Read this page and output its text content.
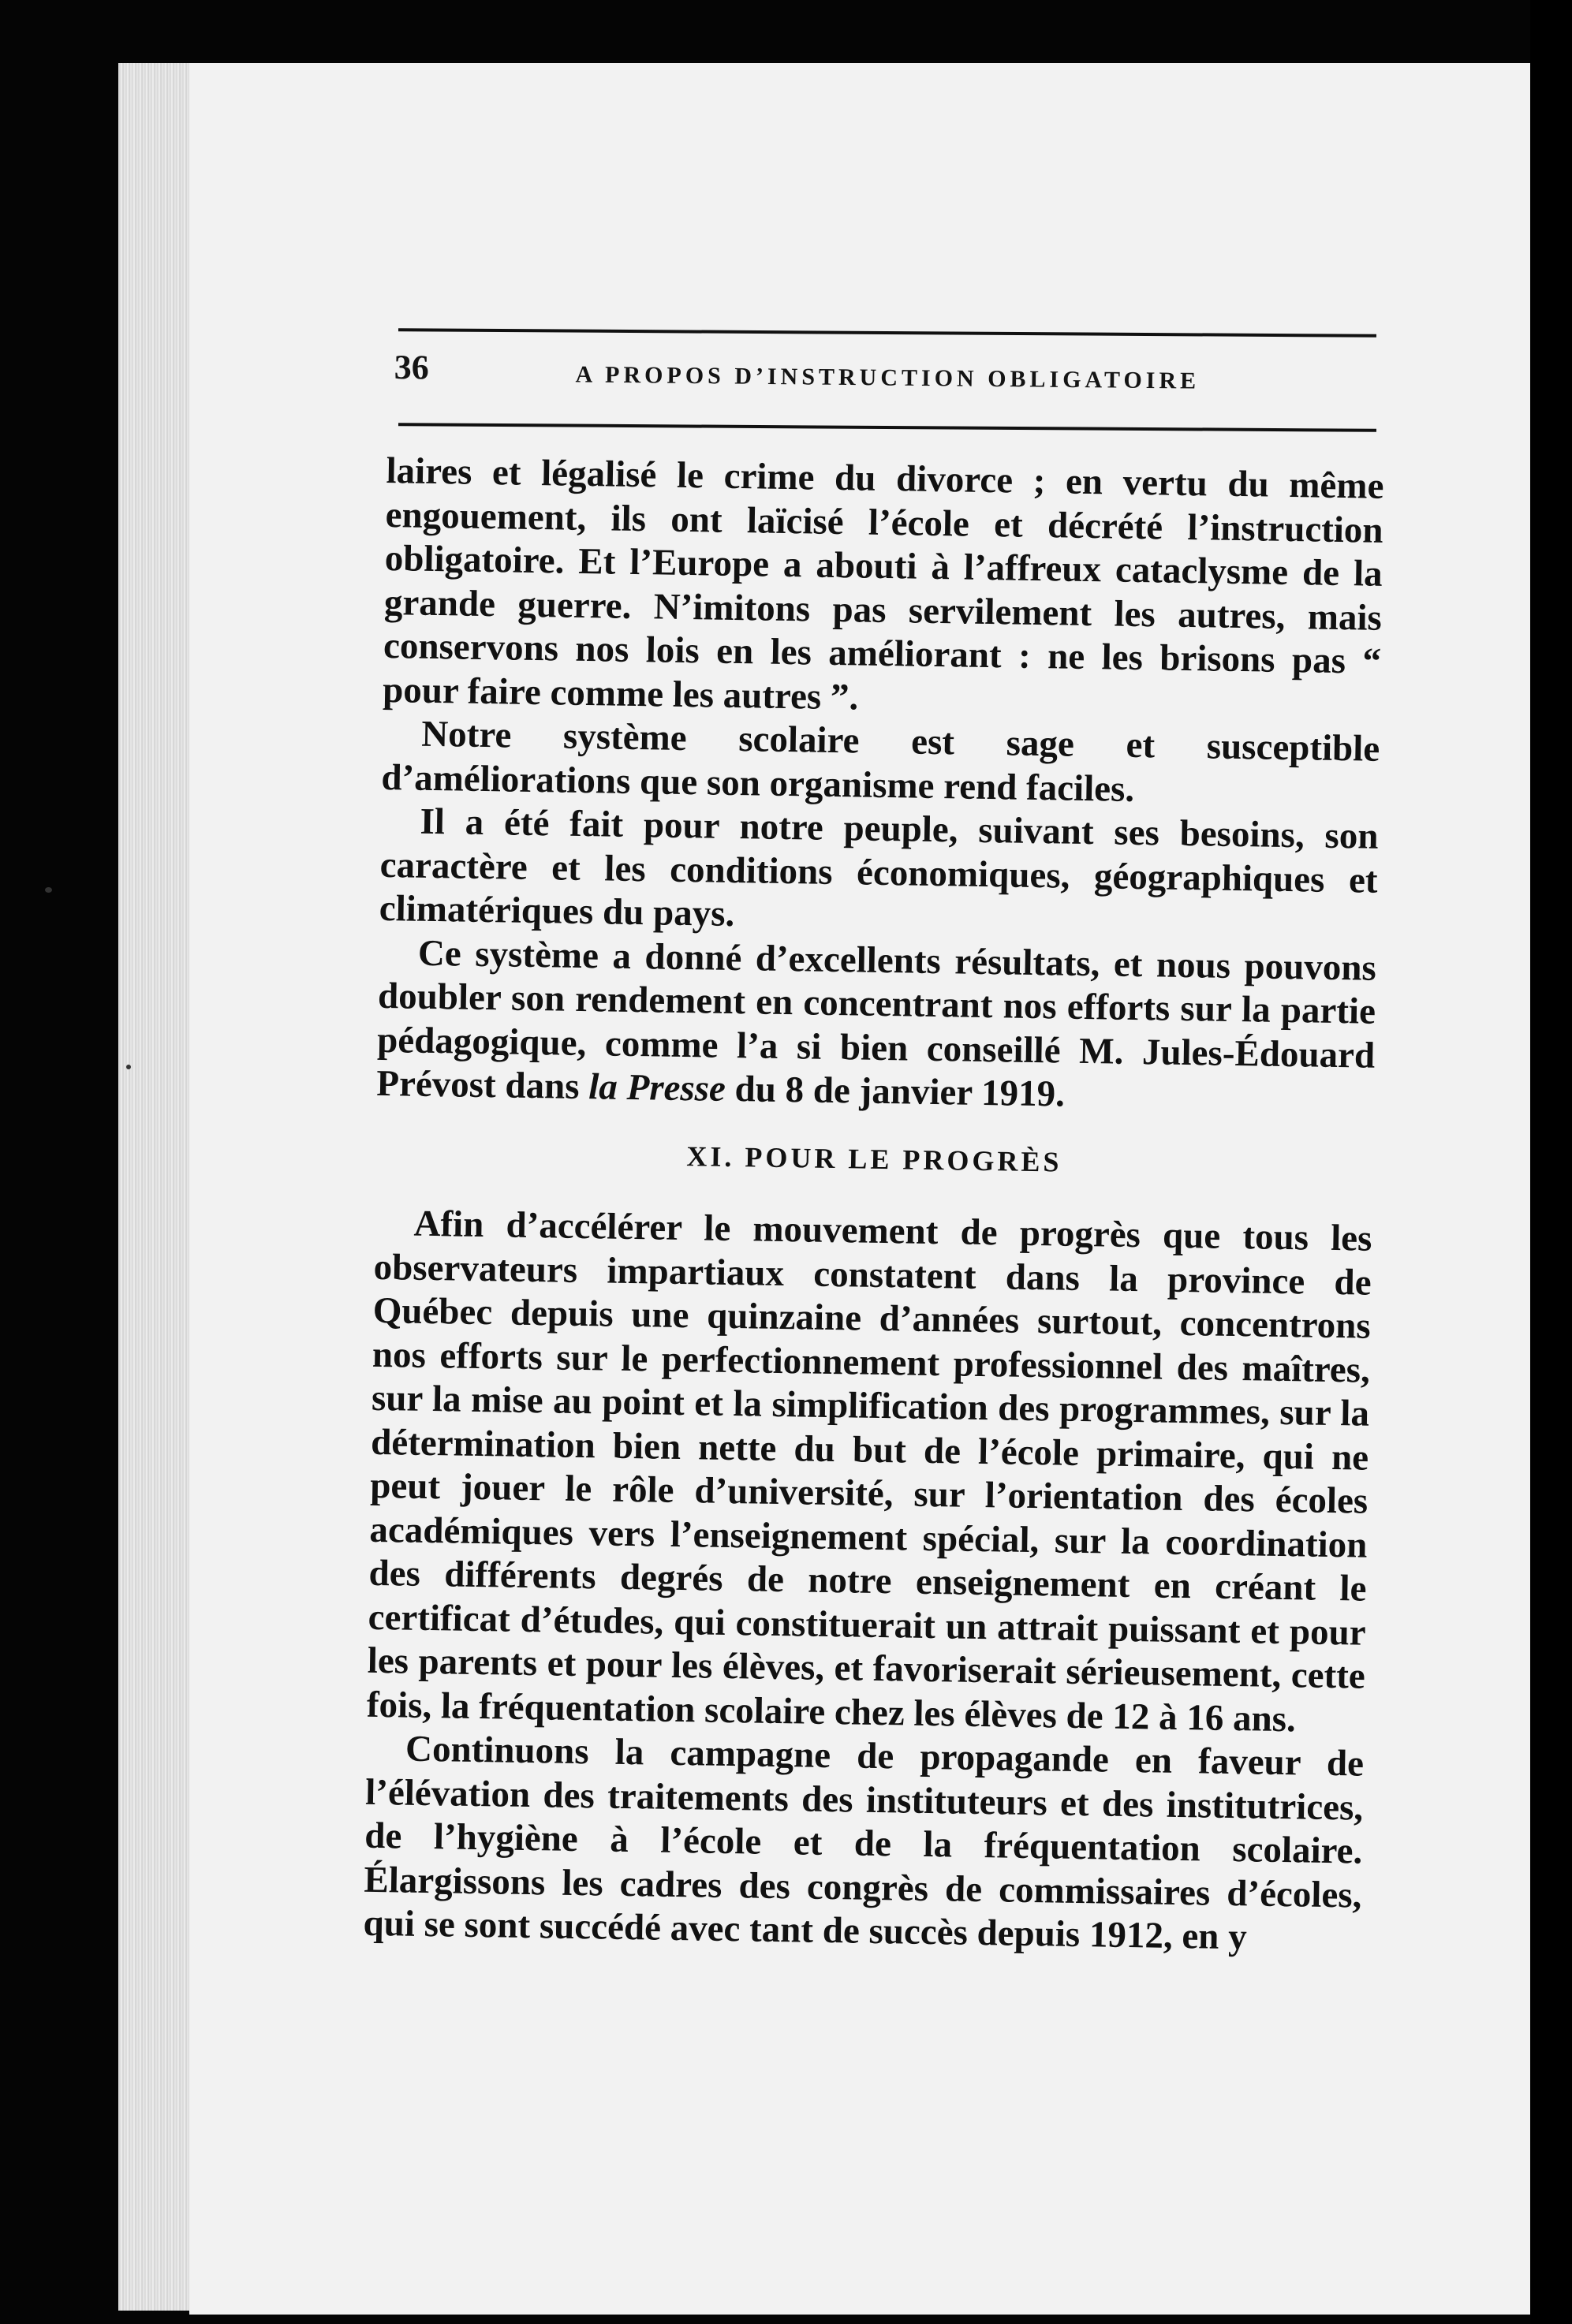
36	A PROPOS D’INSTRUCTION OBLIGATOIRE

laires et légalisé le crime du divorce ; en vertu du même engouement, ils ont laïcisé l’école et décrété l’instruction obligatoire. Et l’Europe a abouti à l’affreux cataclysme de la grande guerre. N’imitons pas servilement les autres, mais conservons nos lois en les améliorant : ne les brisons pas “ pour faire comme les autres ”.

Notre système scolaire est sage et susceptible d’améliorations que son organisme rend faciles.

Il a été fait pour notre peuple, suivant ses besoins, son caractère et les conditions économiques, géographiques et climatériques du pays.

Ce système a donné d’excellents résultats, et nous pouvons doubler son rendement en concentrant nos efforts sur la partie pédagogique, comme l’a si bien conseillé M. Jules-Édouard Prévost dans la Presse du 8 de janvier 1919.

XI. POUR LE PROGRÈS

Afin d’accélérer le mouvement de progrès que tous les observateurs impartiaux constatent dans la province de Québec depuis une quinzaine d’années surtout, concentrons nos efforts sur le perfectionnement professionnel des maîtres, sur la mise au point et la simplification des programmes, sur la détermination bien nette du but de l’école primaire, qui ne peut jouer le rôle d’université, sur l’orientation des écoles académiques vers l’enseignement spécial, sur la coordination des différents degrés de notre enseignement en créant le certificat d’études, qui constituerait un attrait puissant et pour les parents et pour les élèves, et favoriserait sérieusement, cette fois, la fréquentation scolaire chez les élèves de 12 à 16 ans.

Continuons la campagne de propagande en faveur de l’élévation des traitements des instituteurs et des institutrices, de l’hygiène à l’école et de la fréquentation scolaire. Élargissons les cadres des congrès de commissaires d’écoles, qui se sont succédé avec tant de succès depuis 1912, en y
